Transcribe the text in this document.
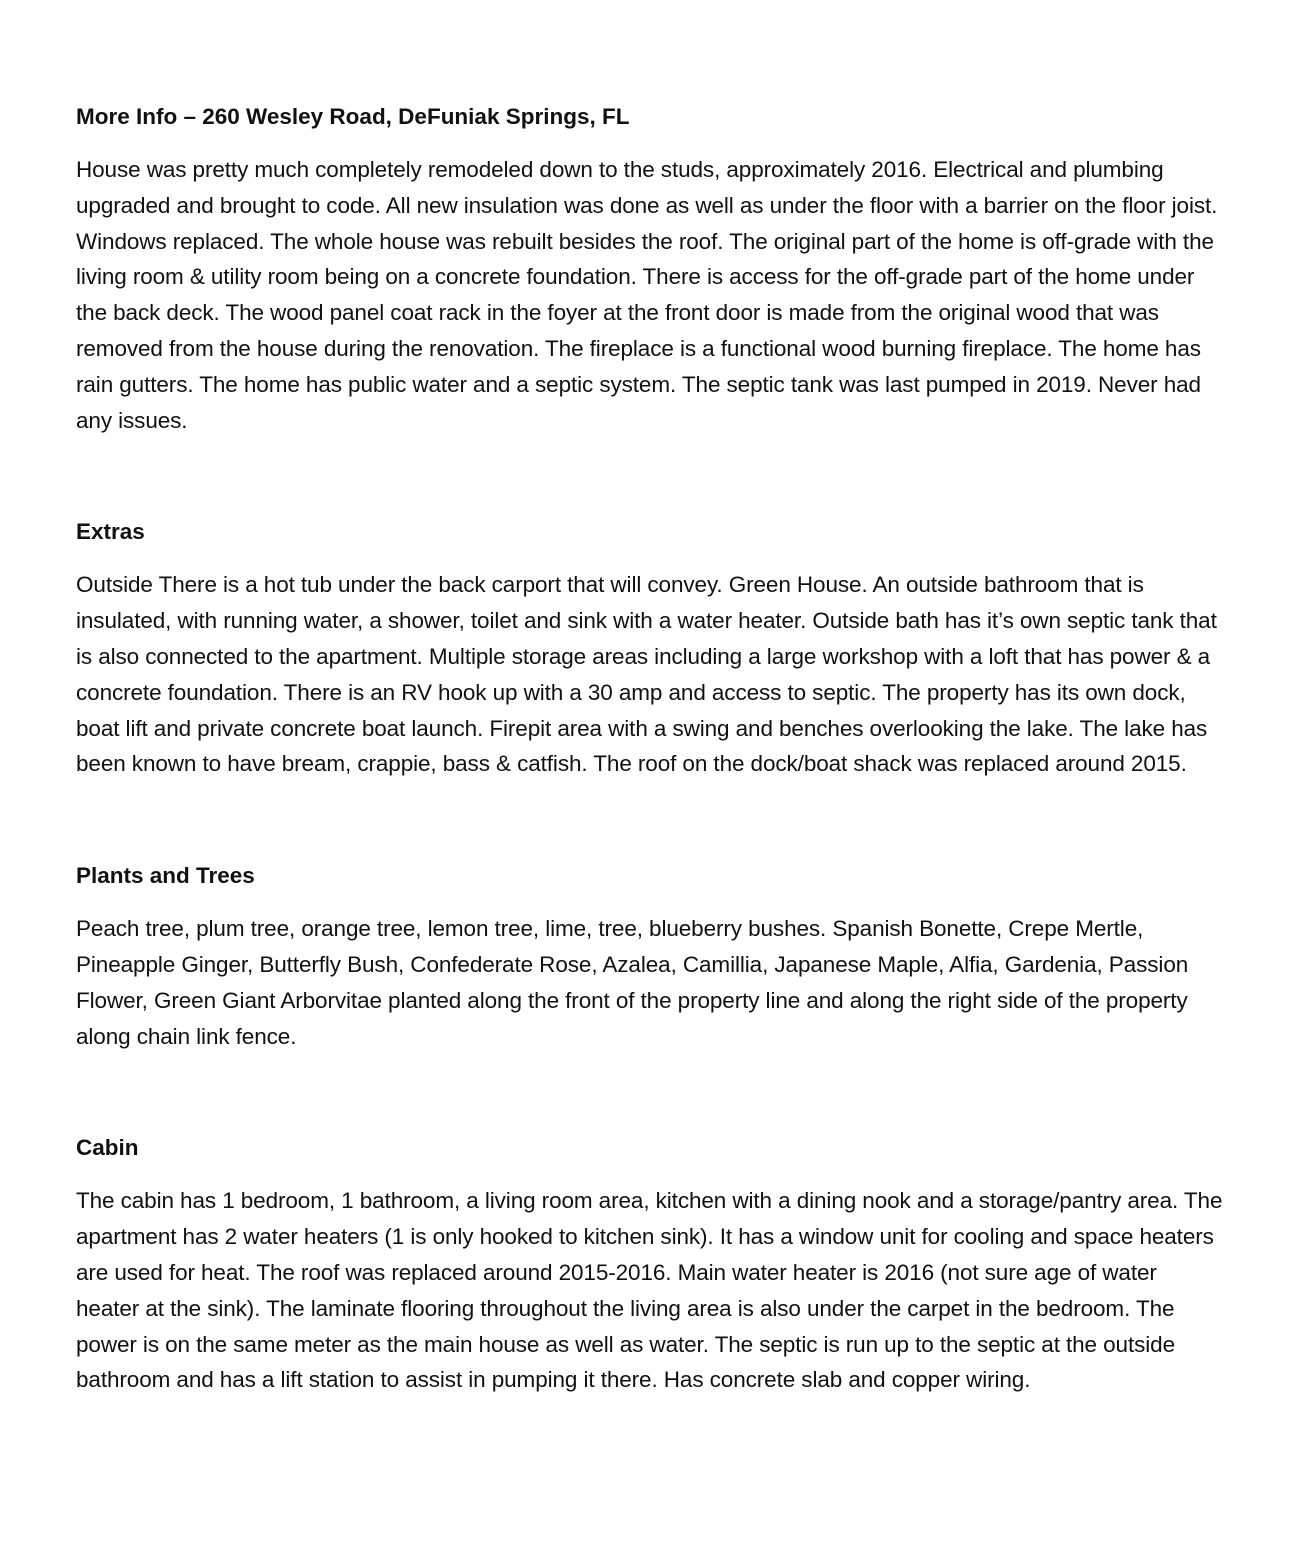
More Info – 260 Wesley Road, DeFuniak Springs, FL

House was pretty much completely remodeled down to the studs, approximately 2016. Electrical and plumbing upgraded and brought to code. All new insulation was done as well as under the floor with a barrier on the floor joist. Windows replaced. The whole house was rebuilt besides the roof. The original part of the home is off-grade with the living room & utility room being on a concrete foundation. There is access for the off-grade part of the home under the back deck. The wood panel coat rack in the foyer at the front door is made from the original wood that was removed from the house during the renovation. The fireplace is a functional wood burning fireplace. The home has rain gutters. The home has public water and a septic system. The septic tank was last pumped in 2019. Never had any issues.

Extras

Outside There is a hot tub under the back carport that will convey. Green House. An outside bathroom that is insulated, with running water, a shower, toilet and sink with a water heater. Outside bath has it’s own septic tank that is also connected to the apartment. Multiple storage areas including a large workshop with a loft that has power & a concrete foundation. There is an RV hook up with a 30 amp and access to septic. The property has its own dock, boat lift and private concrete boat launch. Firepit area with a swing and benches overlooking the lake. The lake has been known to have bream, crappie, bass & catfish. The roof on the dock/boat shack was replaced around 2015.

Plants and Trees

Peach tree, plum tree, orange tree, lemon tree, lime, tree, blueberry bushes. Spanish Bonette, Crepe Mertle, Pineapple Ginger, Butterfly Bush, Confederate Rose, Azalea, Camillia, Japanese Maple, Alfia, Gardenia, Passion Flower, Green Giant Arborvitae planted along the front of the property line and along the right side of the property along chain link fence.

Cabin

The cabin has 1 bedroom, 1 bathroom, a living room area, kitchen with a dining nook and a storage/pantry area. The apartment has 2 water heaters (1 is only hooked to kitchen sink). It has a window unit for cooling and space heaters are used for heat. The roof was replaced around 2015-2016. Main water heater is 2016 (not sure age of water heater at the sink). The laminate flooring throughout the living area is also under the carpet in the bedroom. The power is on the same meter as the main house as well as water. The septic is run up to the septic at the outside bathroom and has a lift station to assist in pumping it there. Has concrete slab and copper wiring.
